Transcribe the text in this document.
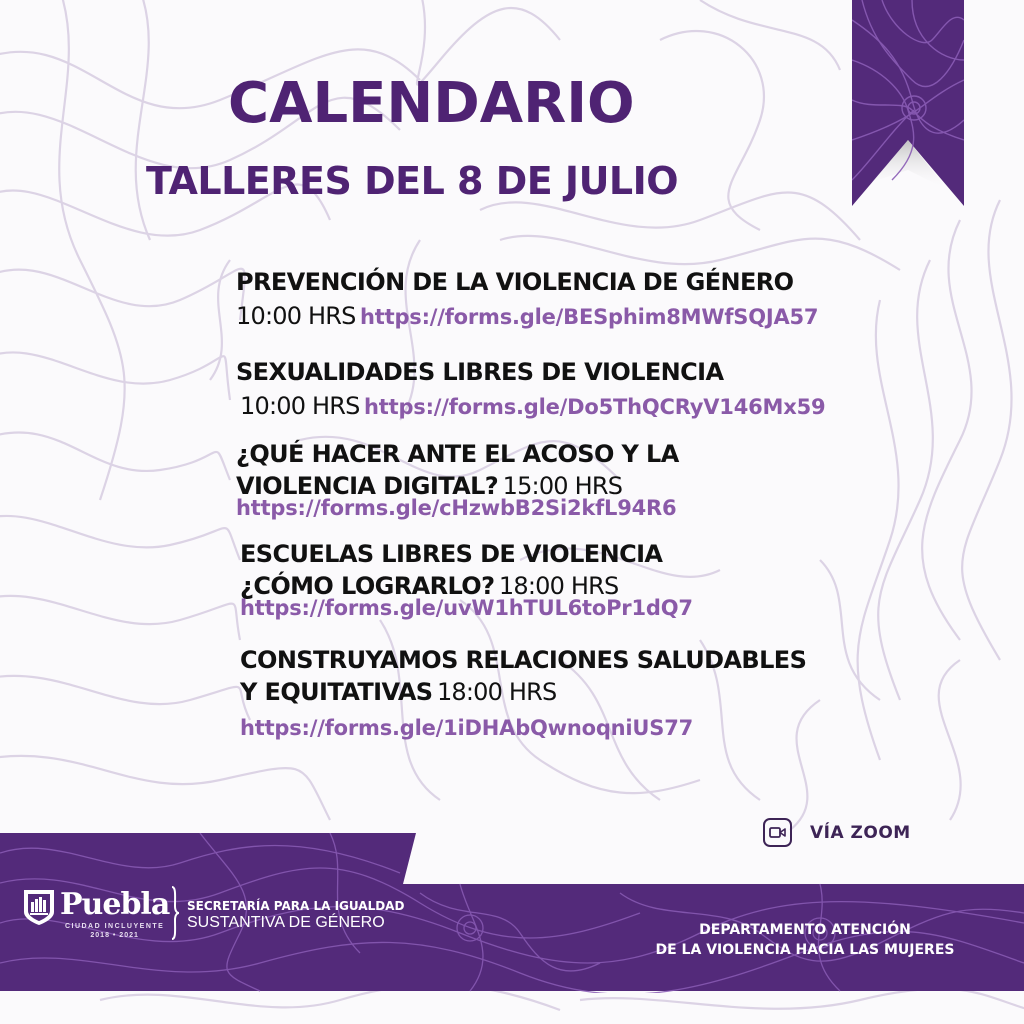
CALENDARIO
TALLERES DEL 8 DE JULIO
PREVENCIÓN DE LA VIOLENCIA DE GÉNERO
10:00 HRS https://forms.gle/BESphim8MWfSQJA57
SEXUALIDADES LIBRES DE VIOLENCIA
10:00 HRS https://forms.gle/Do5ThQCRyV146Mx59
¿QUÉ HACER ANTE EL ACOSO Y LA
VIOLENCIA DIGITAL? 15:00 HRS
https://forms.gle/cHzwbB2Si2kfL94R6
ESCUELAS LIBRES DE VIOLENCIA
¿CÓMO LOGRARLO? 18:00 HRS
https://forms.gle/uvW1hTUL6toPr1dQ7
CONSTRUYAMOS RELACIONES SALUDABLES
Y EQUITATIVAS 18:00 HRS
https://forms.gle/1iDHAbQwnoqniUS77
VÍA ZOOM
Puebla
CIUDAD INCLUYENTE
2018 • 2021
SECRETARÍA PARA LA IGUALDAD
SUSTANTIVA DE GÉNERO	DEPARTAMENTO ATENCIÓN
DE LA VIOLENCIA HACIA LAS MUJERES
